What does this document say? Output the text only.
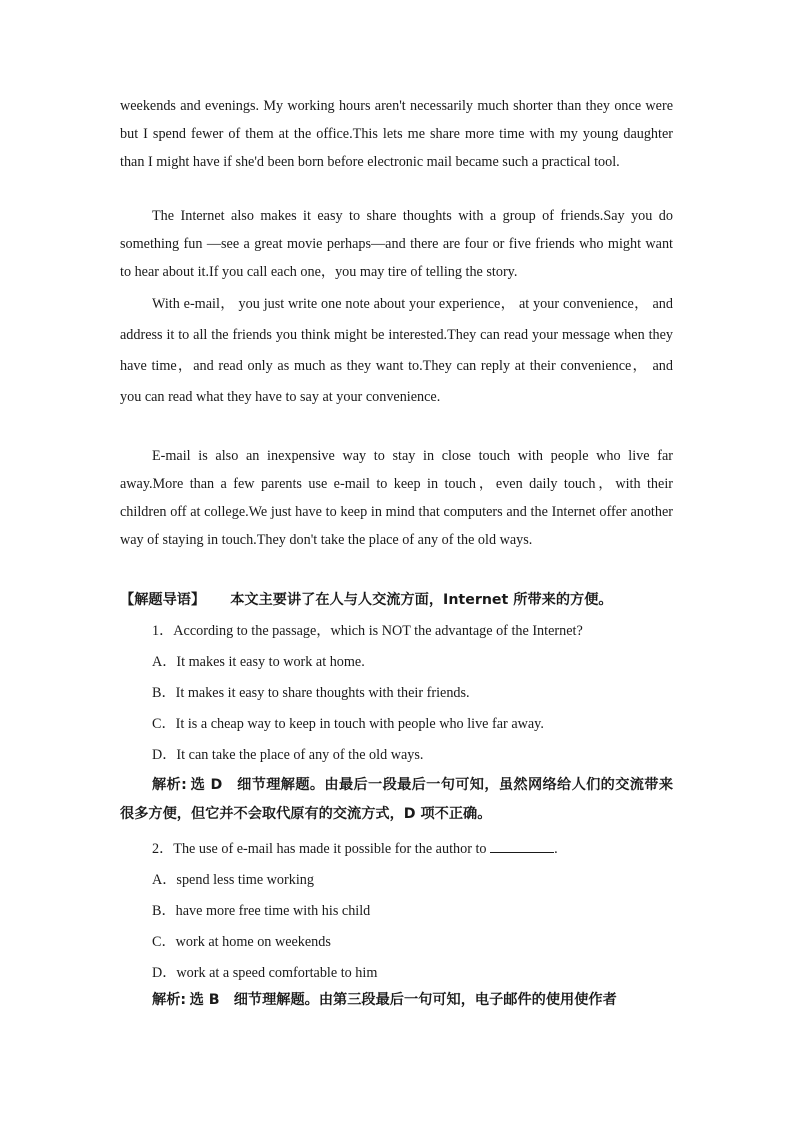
weekends and evenings. My working hours aren't necessarily much shorter than they once were but I spend fewer of them at the office.This lets me share more time with my young daughter than I might have if she'd been born before electronic mail became such a practical tool.

The Internet also makes it easy to share thoughts with a group of friends.Say you do something fun —see a great movie perhaps—and there are four or five friends who might want to hear about it.If you call each one，you may tire of telling the story.

With e-mail， you just write one note about your experience， at your convenience， and address it to all the friends you think might be interested.They can read your message when they have time，and read only as much as they want to.They can reply at their convenience， and you can read what they have to say at your convenience.

E-mail is also an inexpensive way to stay in close touch with people who live far away.More than a few parents use e-mail to keep in touch，even daily touch，with their children off at college.We just have to keep in mind that computers and the Internet offer another way of staying in touch.They don't take the place of any of the old ways.

【解题导语】 本文主要讲了在人与人交流方面，Internet 所带来的方便。
1．According to the passage，which is NOT the advantage of the Internet?
A．It makes it easy to work at home.
B．It makes it easy to share thoughts with their friends.
C．It is a cheap way to keep in touch with people who live far away.
D．It can take the place of any of the old ways.
解析: 选 D　细节理解题。由最后一段最后一句可知，虽然网络给人们的交流带来很多方便，但它并不会取代原有的交流方式，D 项不正确。
2．The use of e-mail has made it possible for the author to	.
A．spend less time working
B．have more free time with his child
C．work at home on weekends
D．work at a speed comfortable to him
解析: 选 B　细节理解题。由第三段最后一句可知，电子邮件的使用使作者
